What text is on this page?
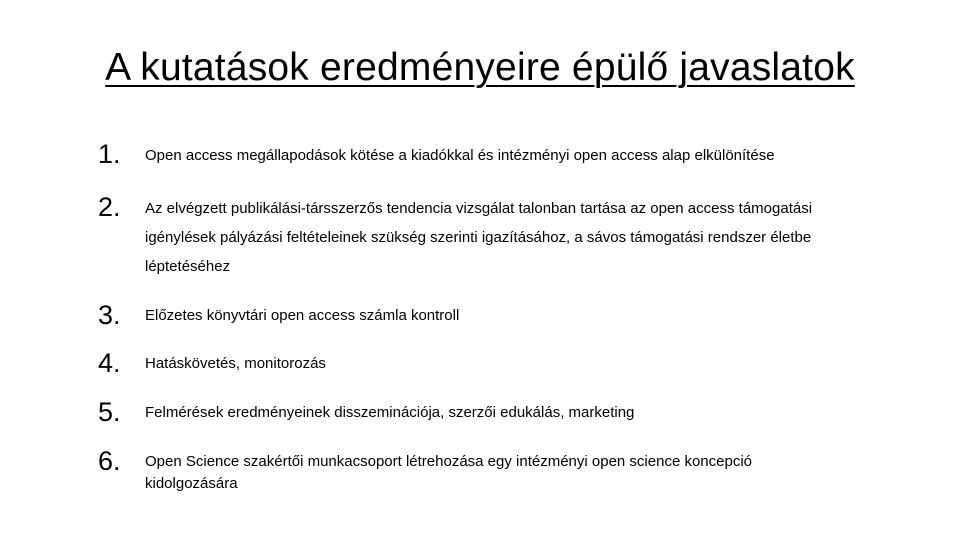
A kutatások eredményeire épülő javaslatok
1.	Open access megállapodások kötése a kiadókkal és intézményi open access alap elkülönítése
2.	Az elvégzett publikálási-társszerzős tendencia vizsgálat talonban tartása az open access támogatási igénylések pályázási feltételeinek szükség szerinti igazításához, a sávos támogatási rendszer életbe léptetéséhez
3.	Előzetes könyvtári open access számla kontroll
4.	Hatáskövetés, monitorozás
5.	Felmérések eredményeinek disszeminációja, szerzői edukálás, marketing
6.	Open Science szakértői munkacsoport létrehozása egy intézményi open science koncepció kidolgozására
